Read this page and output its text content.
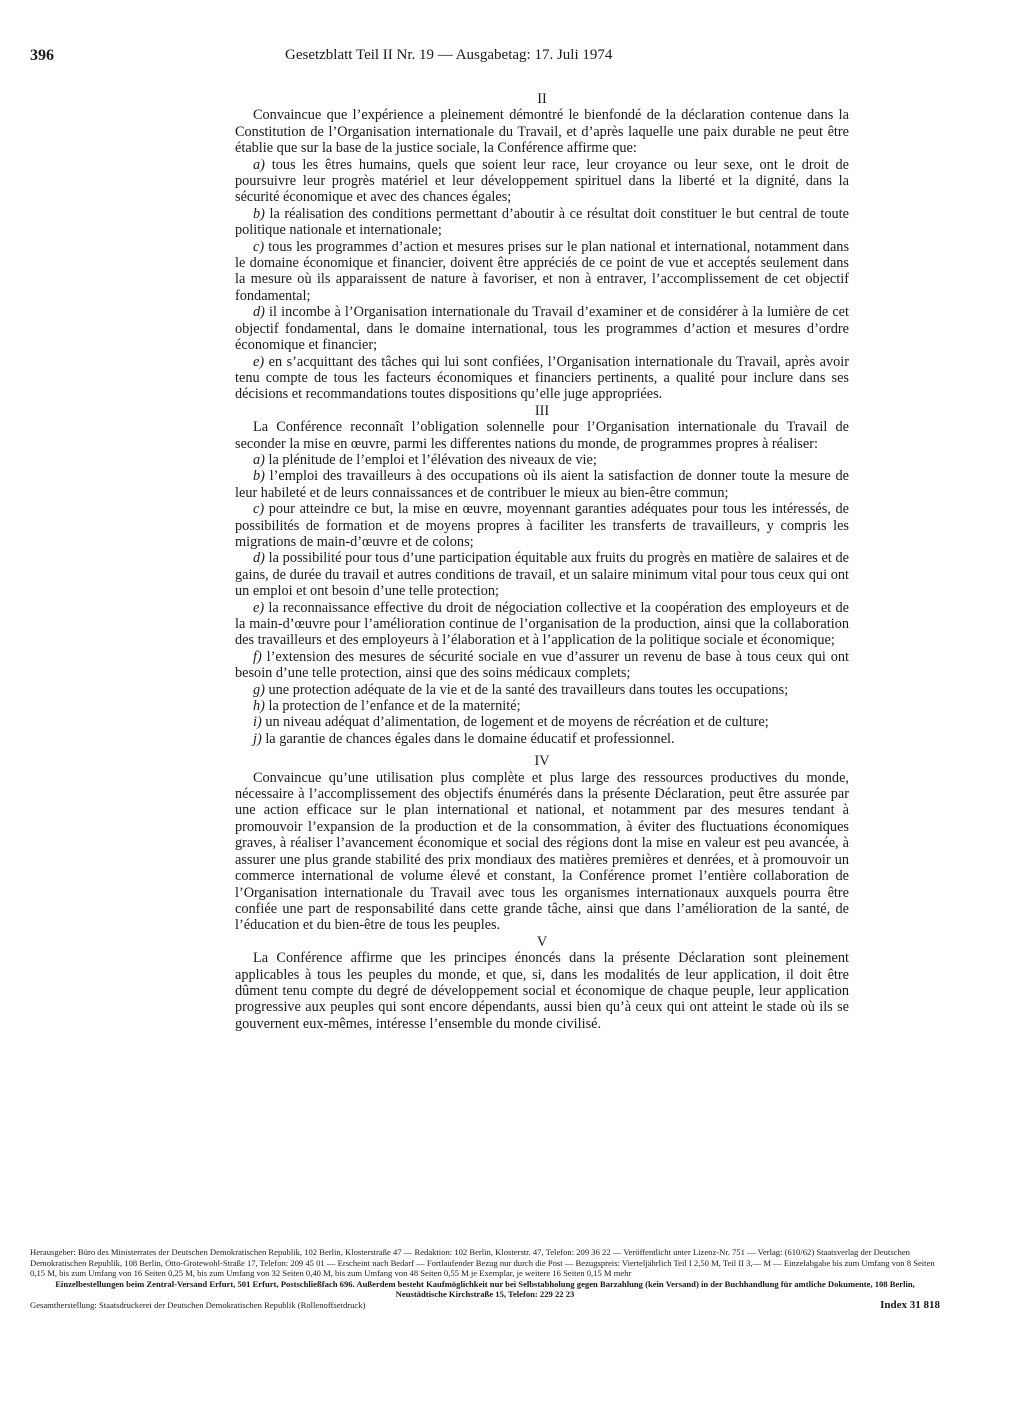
396	Gesetzblatt Teil II Nr. 19 — Ausgabetag: 17. Juli 1974

II

Convaincue que l’expérience a pleinement démontré le bienfondé de la déclaration contenue dans la Constitution de l’Organisation internationale du Travail, et d’après laquelle une paix durable ne peut être établie que sur la base de la justice sociale, la Conférence affirme que:

a) tous les êtres humains, quels que soient leur race, leur croyance ou leur sexe, ont le droit de poursuivre leur progrès matériel et leur développement spirituel dans la liberté et la dignité, dans la sécurité économique et avec des chances égales;

b) la réalisation des conditions permettant d’aboutir à ce résultat doit constituer le but central de toute politique nationale et internationale;

c) tous les programmes d’action et mesures prises sur le plan national et international, notamment dans le domaine économique et financier, doivent être appréciés de ce point de vue et acceptés seulement dans la mesure où ils apparaissent de nature à favoriser, et non à entraver, l’accomplissement de cet objectif fondamental;

d) il incombe à l’Organisation internationale du Travail d’examiner et de considérer à la lumière de cet objectif fondamental, dans le domaine international, tous les programmes d’action et mesures d’ordre économique et financier;

e) en s’acquittant des tâches qui lui sont confiées, l’Organisation internationale du Travail, après avoir tenu compte de tous les facteurs économiques et financiers pertinents, a qualité pour inclure dans ses décisions et recommandations toutes dispositions qu’elle juge appropriées.

III

La Conférence reconnaît l’obligation solennelle pour l’Organisation internationale du Travail de seconder la mise en œuvre, parmi les differentes nations du monde, de programmes propres à réaliser:

a) la plénitude de l’emploi et l’élévation des niveaux de vie;

b) l’emploi des travailleurs à des occupations où ils aient la satisfaction de donner toute la mesure de leur habileté et de leurs connaissances et de contribuer le mieux au bien-être commun;

c) pour atteindre ce but, la mise en œuvre, moyennant garanties adéquates pour tous les intéressés, de possibilités de formation et de moyens propres à faciliter les transferts de travailleurs, y compris les migrations de main-d’œuvre et de colons;

d) la possibilité pour tous d’une participation équitable aux fruits du progrès en matière de salaires et de gains, de durée du travail et autres conditions de travail, et un salaire minimum vital pour tous ceux qui ont un emploi et ont besoin d’une telle protection;

e) la reconnaissance effective du droit de négociation collective et la coopération des employeurs et de la main-d’œuvre pour l’amélioration continue de l’organisation de la production, ainsi que la collaboration des travailleurs et des employeurs à l’élaboration et à l’application de la politique sociale et économique;

f) l’extension des mesures de sécurité sociale en vue d’assurer un revenu de base à tous ceux qui ont besoin d’une telle protection, ainsi que des soins médicaux complets;

g) une protection adéquate de la vie et de la santé des travailleurs dans toutes les occupations;

h) la protection de l’enfance et de la maternité;

i) un niveau adéquat d’alimentation, de logement et de moyens de récréation et de culture;

j) la garantie de chances égales dans le domaine éducatif et professionnel.

IV

Convaincue qu’une utilisation plus complète et plus large des ressources productives du monde, nécessaire à l’accomplissement des objectifs énumérés dans la présente Déclaration, peut être assurée par une action efficace sur le plan international et national, et notamment par des mesures tendant à promouvoir l’expansion de la production et de la consommation, à éviter des fluctuations économiques graves, à réaliser l’avancement économique et social des régions dont la mise en valeur est peu avancée, à assurer une plus grande stabilité des prix mondiaux des matières premières et denrées, et à promouvoir un commerce international de volume élevé et constant, la Conférence promet l’entière collaboration de l’Organisation internationale du Travail avec tous les organismes internationaux auxquels pourra être confiée une part de responsabilité dans cette grande tâche, ainsi que dans l’amélioration de la santé, de l’éducation et du bien-être de tous les peuples.

V

La Conférence affirme que les principes énoncés dans la présente Déclaration sont pleinement applicables à tous les peuples du monde, et que, si, dans les modalités de leur application, il doit être dûment tenu compte du degré de développement social et économique de chaque peuple, leur application progressive aux peuples qui sont encore dépendants, aussi bien qu’à ceux qui ont atteint le stade où ils se gouvernent eux-mêmes, intéresse l’ensemble du monde civilisé.

Herausgeber: Büro des Ministerrates der Deutschen Demokratischen Republik, 102 Berlin, Klosterstraße 47 — Redaktion: 102 Berlin, Klosterstr. 47, Telefon: 209 36 22 — Veröffentlicht unter Lizenz-Nr. 751 — Verlag: (610/62) Staatsverlag der Deutschen Demokratischen Republik, 108 Berlin, Otto-Grotewohl-Straße 17, Telefon: 209 45 01 — Erscheint nach Bedarf — Fortlaufender Bezug nur durch die Post — Bezugspreis: Vierteljährlich Teil I 2,50 M, Teil II 3,— M — Einzelabgabe bis zum Umfang von 8 Seiten 0,15 M, bis zum Umfang von 16 Seiten 0,25 M, bis zum Umfang von 32 Seiten 0,40 M, bis zum Umfang von 48 Seiten 0,55 M je Exemplar, je weitere 16 Seiten 0,15 M mehr
Einzelbestellungen beim Zentral-Versand Erfurt, 501 Erfurt, Postschließfach 696. Außerdem besteht Kaufmöglichkeit nur bei Selbstabholung gegen Barzahlung (kein Versand) in der Buchhandlung für amtliche Dokumente, 108 Berlin, Neustädtische Kirchstraße 15, Telefon: 229 22 23
Gesamtherstellung: Staatsdruckerei der Deutschen Demokratischen Republik (Rollenoffsetdruck)	Index 31 818
